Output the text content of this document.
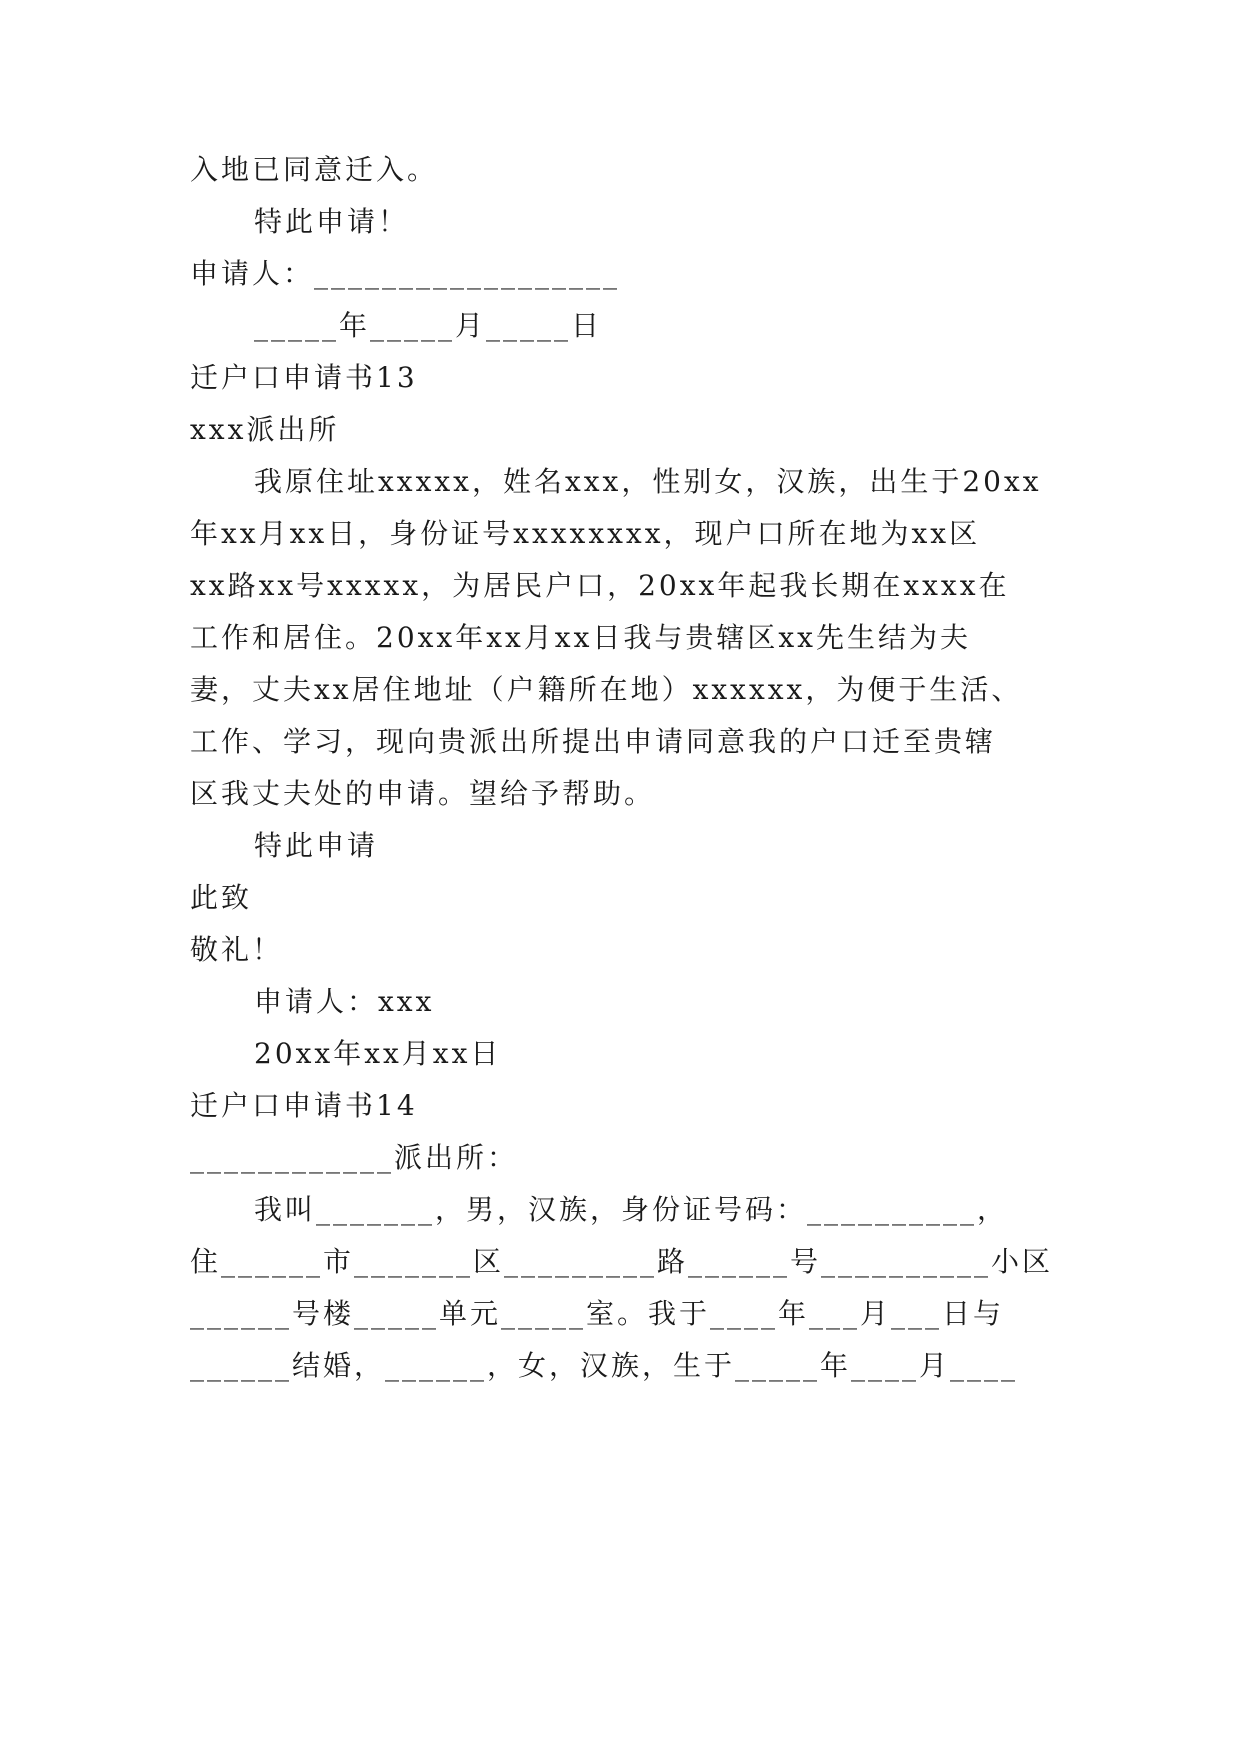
入地已同意迁入。
特此申请！
申请人：__________________
_____年_____月_____日
迁户口申请书13
xxx派出所
我原住址xxxxx，姓名xxx，性别女，汉族，出生于20xx
年xx月xx日，身份证号xxxxxxxx，现户口所在地为xx区
xx路xx号xxxxx，为居民户口，20xx年起我长期在xxxx在
工作和居住。20xx年xx月xx日我与贵辖区xx先生结为夫
妻，丈夫xx居住地址（户籍所在地）xxxxxx，为便于生活、
工作、学习，现向贵派出所提出申请同意我的户口迁至贵辖
区我丈夫处的申请。望给予帮助。
特此申请
此致
敬礼！
申请人：xxx
20xx年xx月xx日
迁户口申请书14
____________派出所：
我叫_______，男，汉族，身份证号码：__________，
住______市_______区_________路______号__________小区
______号楼_____单元_____室。我于____年___月___日与
______结婚，______，女，汉族，生于_____年____月____
